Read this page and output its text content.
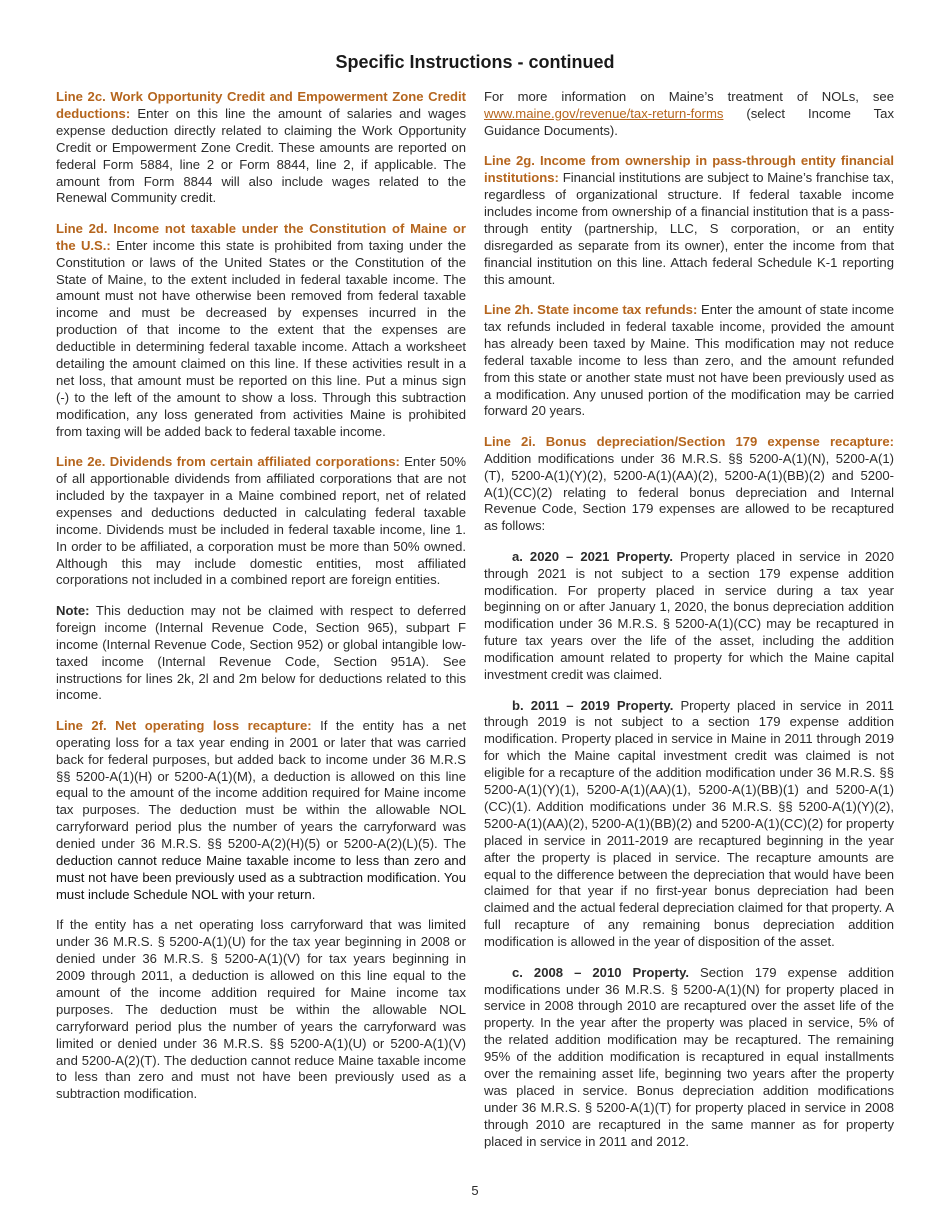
Specific Instructions - continued

Line 2c. Work Opportunity Credit and Empowerment Zone Credit deductions: Enter on this line the amount of salaries and wages expense deduction directly related to claiming the Work Opportunity Credit or Empowerment Zone Credit. These amounts are reported on federal Form 5884, line 2 or Form 8844, line 2, if applicable. The amount from Form 8844 will also include wages related to the Renewal Community credit.

Line 2d. Income not taxable under the Constitution of Maine or the U.S.: Enter income this state is prohibited from taxing under the Constitution or laws of the United States or the Constitution of the State of Maine, to the extent included in federal taxable income. The amount must not have otherwise been removed from federal taxable income and must be decreased by expenses incurred in the production of that income to the extent that the expenses are deductible in determining federal taxable income. Attach a worksheet detailing the amount claimed on this line. If these activities result in a net loss, that amount must be reported on this line. Put a minus sign (-) to the left of the amount to show a loss. Through this subtraction modification, any loss generated from activities Maine is prohibited from taxing will be added back to federal taxable income.

Line 2e. Dividends from certain affiliated corporations: Enter 50% of all apportionable dividends from affiliated corporations that are not included by the taxpayer in a Maine combined report, net of related expenses and deductions deducted in calculating federal taxable income. Dividends must be included in federal taxable income, line 1. In order to be affiliated, a corporation must be more than 50% owned. Although this may include domestic entities, most affiliated corporations not included in a combined report are foreign entities.

Note: This deduction may not be claimed with respect to deferred foreign income (Internal Revenue Code, Section 965), subpart F income (Internal Revenue Code, Section 952) or global intangible low-taxed income (Internal Revenue Code, Section 951A). See instructions for lines 2k, 2l and 2m below for deductions related to this income.

Line 2f. Net operating loss recapture: If the entity has a net operating loss for a tax year ending in 2001 or later that was carried back for federal purposes, but added back to income under 36 M.R.S §§ 5200-A(1)(H) or 5200-A(1)(M), a deduction is allowed on this line equal to the amount of the income addition required for Maine income tax purposes. The deduction must be within the allowable NOL carryforward period plus the number of years the carryforward was denied under 36 M.R.S. §§ 5200-A(2)(H)(5) or 5200-A(2)(L)(5). The deduction cannot reduce Maine taxable income to less than zero and must not have been previously used as a subtraction modification. You must include Schedule NOL with your return.

If the entity has a net operating loss carryforward that was limited under 36 M.R.S. § 5200-A(1)(U) for the tax year beginning in 2008 or denied under 36 M.R.S. § 5200-A(1)(V) for tax years beginning in 2009 through 2011, a deduction is allowed on this line equal to the amount of the income addition required for Maine income tax purposes. The deduction must be within the allowable NOL carryforward period plus the number of years the carryforward was limited or denied under 36 M.R.S. §§ 5200-A(1)(U) or 5200-A(1)(V) and 5200-A(2)(T). The deduction cannot reduce Maine taxable income to less than zero and must not have been previously used as a subtraction modification.

For more information on Maine’s treatment of NOLs, see www.maine.gov/revenue/tax-return-forms (select Income Tax Guidance Documents).

Line 2g. Income from ownership in pass-through entity financial institutions: Financial institutions are subject to Maine’s franchise tax, regardless of organizational structure. If federal taxable income includes income from ownership of a financial institution that is a pass-through entity (partnership, LLC, S corporation, or an entity disregarded as separate from its owner), enter the income from that financial institution on this line. Attach federal Schedule K-1 reporting this amount.

Line 2h. State income tax refunds: Enter the amount of state income tax refunds included in federal taxable income, provided the amount has already been taxed by Maine. This modification may not reduce federal taxable income to less than zero, and the amount refunded from this state or another state must not have been previously used as a modification. Any unused portion of the modification may be carried forward 20 years.

Line 2i. Bonus depreciation/Section 179 expense recapture: Addition modifications under 36 M.R.S. §§ 5200-A(1)(N), 5200-A(1)(T), 5200-A(1)(Y)(2), 5200-A(1)(AA)(2), 5200-A(1)(BB)(2) and 5200-A(1)(CC)(2) relating to federal bonus depreciation and Internal Revenue Code, Section 179 expenses are allowed to be recaptured as follows:

a. 2020 – 2021 Property. Property placed in service in 2020 through 2021 is not subject to a section 179 expense addition modification. For property placed in service during a tax year beginning on or after January 1, 2020, the bonus depreciation addition modification under 36 M.R.S. § 5200-A(1)(CC) may be recaptured in future tax years over the life of the asset, including the addition modification amount related to property for which the Maine capital investment credit was claimed.

b. 2011 – 2019 Property. Property placed in service in 2011 through 2019 is not subject to a section 179 expense addition modification. Property placed in service in Maine in 2011 through 2019 for which the Maine capital investment credit was claimed is not eligible for a recapture of the addition modification under 36 M.R.S. §§ 5200-A(1)(Y)(1), 5200-A(1)(AA)(1), 5200-A(1)(BB)(1) and 5200-A(1)(CC)(1). Addition modifications under 36 M.R.S. §§ 5200-A(1)(Y)(2), 5200-A(1)(AA)(2), 5200-A(1)(BB)(2) and 5200-A(1)(CC)(2) for property placed in service in 2011-2019 are recaptured beginning in the year after the property is placed in service. The recapture amounts are equal to the difference between the depreciation that would have been claimed for that year if no first-year bonus depreciation had been claimed and the actual federal depreciation claimed for that property. A full recapture of any remaining bonus depreciation addition modification is allowed in the year of disposition of the asset.

c. 2008 – 2010 Property. Section 179 expense addition modifications under 36 M.R.S. § 5200-A(1)(N) for property placed in service in 2008 through 2010 are recaptured over the asset life of the property. In the year after the property was placed in service, 5% of the related addition modification may be recaptured. The remaining 95% of the addition modification is recaptured in equal installments over the remaining asset life, beginning two years after the property was placed in service. Bonus depreciation addition modifications under 36 M.R.S. § 5200-A(1)(T) for property placed in service in 2008 through 2010 are recaptured in the same manner as for property placed in service in 2011 and 2012.

5
